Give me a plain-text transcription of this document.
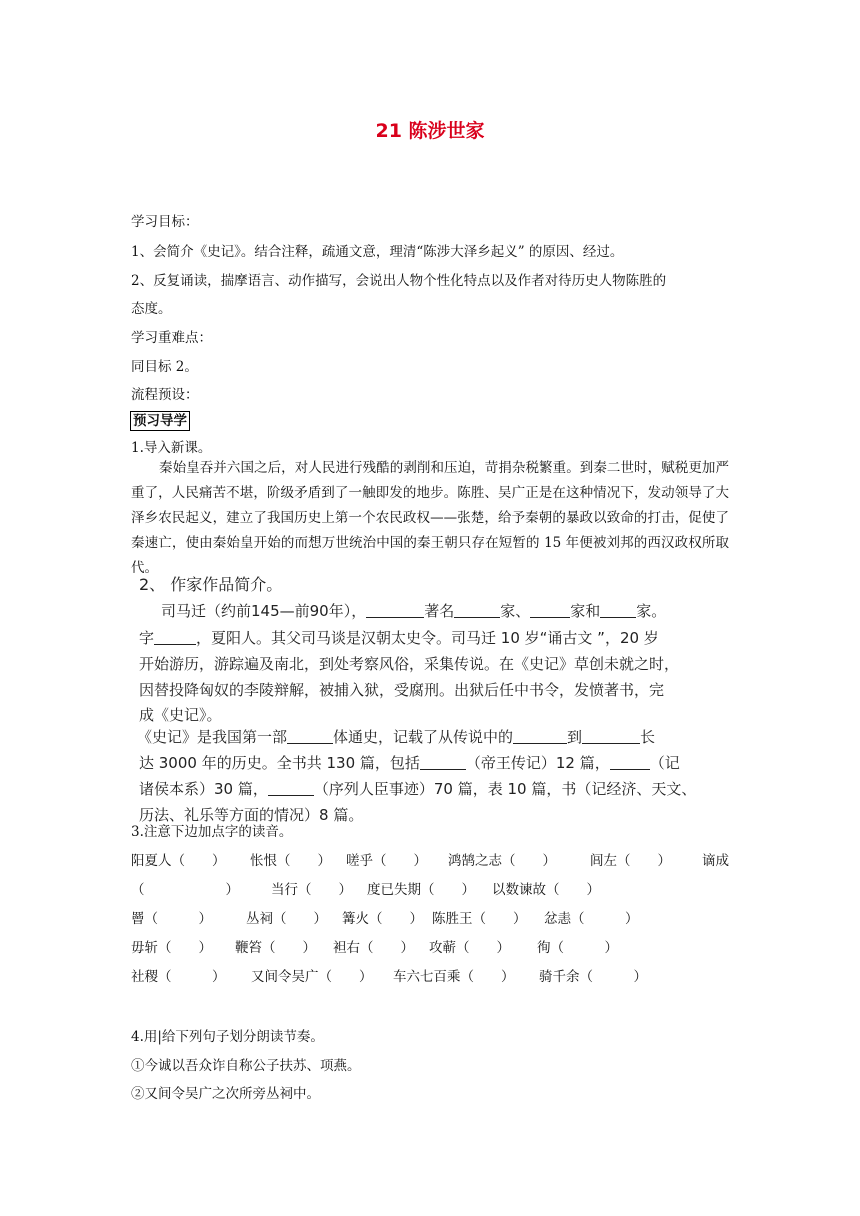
21 陈涉世家
学习目标：
1、会简介《史记》。结合注释，疏通文意，理清“陈涉大泽乡起义” 的原因、经过。
2、反复诵读，揣摩语言、动作描写，会说出人物个性化特点以及作者对待历史人物陈胜的
态度。
学习重难点：
同目标 2。
流程预设：
预习导学
1.导入新课。
秦始皇吞并六国之后，对人民进行残酷的剥削和压迫，苛捐杂税繁重。到秦二世时，赋税更加严重了，人民痛苦不堪，阶级矛盾到了一触即发的地步。陈胜、吴广正是在这种情况下，发动领导了大泽乡农民起义，建立了我国历史上第一个农民政权——张楚，给予秦朝的暴政以致命的打击，促使了秦速亡，使由秦始皇开始的而想万世统治中国的秦王朝只存在短暂的 15 年便被刘邦的西汉政权所取代。
2、 作家作品简介。
司马迁（约前145—前90年），	著名	家、	家和 家。
字	，夏阳人。其父司马谈是汉朝太史令。司马迁 10 岁“诵古文 ”，20 岁
开始游历，游踪遍及南北，到处考察风俗，采集传说。在《史记》草创未就之时，
因替投降匈奴的李陵辩解，被捕入狱，受腐刑。出狱后任中书令，发愤著书，完
成《史记》。
《史记》是我国第一部	体通史，记载了从传说中的	到	长
达 3000 年的历史。全书共 130 篇，包括	（帝王传记）12 篇，	（记
诸侯本系）30 篇，	（序列人臣事迹）70 篇，表 10 篇，书（记经济、天文、
历法、礼乐等方面的情况）8 篇。
3.注意下边加点字的读音。
阳夏人（　　） 怅恨（　　） 嗟乎（　　） 鸿鹄之志（　　）	闾左（　　） 谪成
（　　　　　　） 当行（　　） 度已失期（　　） 以数谏故（　　）
罾（　　　）	丛祠（　　） 篝火（　　） 陈胜王（　　） 忿恚（　　　）
毋斩（　　） 鞭笞（　　） 袒右（　　） 攻蕲（　　） 徇（　　　）
社稷（　　　） 又间令吴广（　　） 车六七百乘（　　） 骑千余（　　　）
4.用|给下列句子划分朗读节奏。
①今诚以吾众诈自称公子扶苏、项燕。
②又间令吴广之次所旁丛祠中。
